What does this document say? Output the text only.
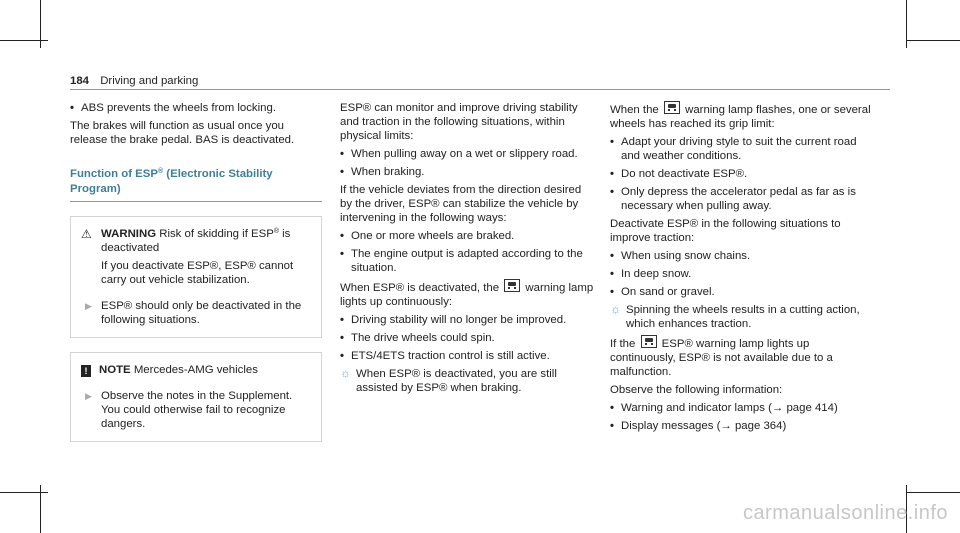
184 Driving and parking
• ABS prevents the wheels from locking.

The brakes will function as usual once you release the brake pedal. BAS is deactivated.

Function of ESP® (Electronic Stability Program)
⚠ WARNING Risk of skidding if ESP® is deactivated
If you deactivate ESP®, ESP® cannot carry out vehicle stabilization.
▶ ESP® should only be deactivated in the following situations.
! NOTE Mercedes-AMG vehicles
▶ Observe the notes in the Supplement. You could otherwise fail to recognize dangers.

ESP® can monitor and improve driving stability and traction in the following situations, within physical limits:

• When pulling away on a wet or slippery road.
• When braking.

If the vehicle deviates from the direction desired by the driver, ESP® can stabilize the vehicle by intervening in the following ways:

• One or more wheels are braked.
• The engine output is adapted according to the situation.

When ESP® is deactivated, the  warning lamp lights up continuously:

• Driving stability will no longer be improved.
• The drive wheels could spin.
• ETS/4ETS traction control is still active.
☼ When ESP® is deactivated, you are still assisted by ESP® when braking.

When the  warning lamp flashes, one or several wheels has reached its grip limit:

• Adapt your driving style to suit the current road and weather conditions.
• Do not deactivate ESP®.
• Only depress the accelerator pedal as far as is necessary when pulling away.

Deactivate ESP® in the following situations to improve traction:

• When using snow chains.
• In deep snow.
• On sand or gravel.
☼ Spinning the wheels results in a cutting action, which enhances traction.

If the  ESP® warning lamp lights up continuously, ESP® is not available due to a malfunction.

Observe the following information:

• Warning and indicator lamps (→ page 414)
• Display messages (→ page 364)
carmanualsonline.info
